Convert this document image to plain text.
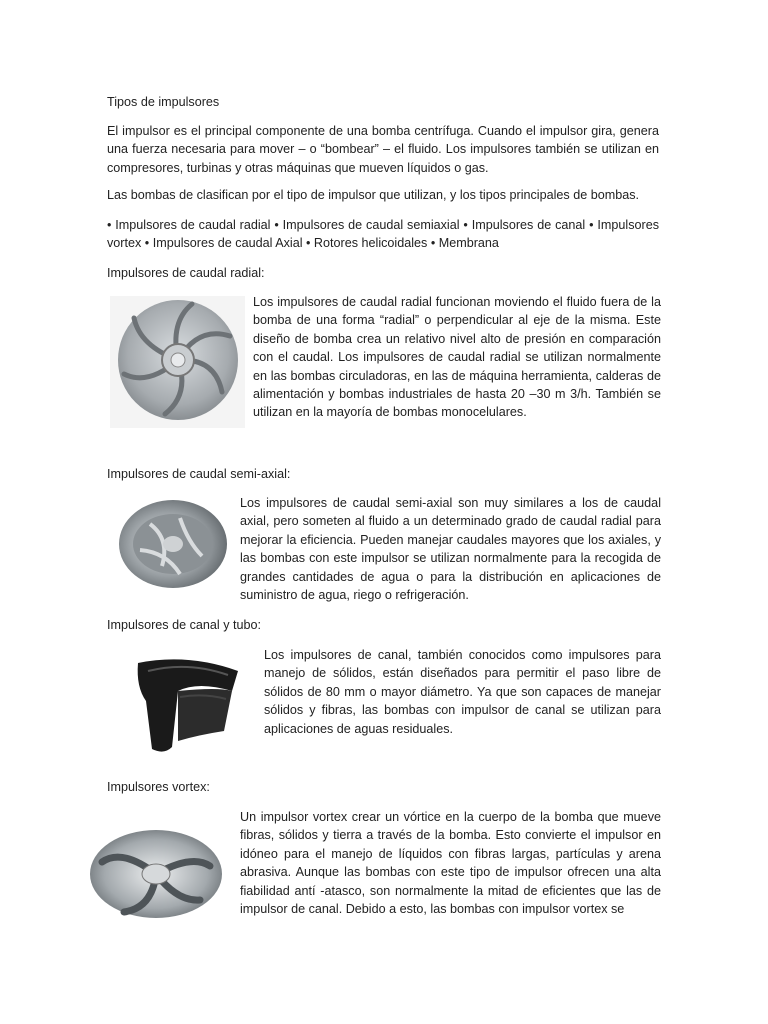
Tipos de impulsores

El impulsor es el principal componente de una bomba centrífuga. Cuando el impulsor gira, genera una fuerza necesaria para mover – o “bombear” – el fluido. Los impulsores también se utilizan en compresores, turbinas y otras máquinas que mueven líquidos o gas.

Las bombas de clasifican por el tipo de impulsor que utilizan, y los tipos principales de bombas.

• Impulsores de caudal radial • Impulsores de caudal semiaxial • Impulsores de canal • Impulsores vortex • Impulsores de caudal Axial • Rotores helicoidales • Membrana

Impulsores de caudal radial:

Los impulsores de caudal radial funcionan moviendo el fluido fuera de la bomba de una forma “radial” o perpendicular al eje de la misma. Este diseño de bomba crea un relativo nivel alto de presión en comparación con el caudal. Los impulsores de caudal radial se utilizan normalmente en las bombas circuladoras, en las de máquina herramienta, calderas de alimentación y bombas industriales de hasta 20 –30 m 3/h. También se utilizan en la mayoría de bombas monocelulares.

Impulsores de caudal semi-axial:

Los impulsores de caudal semi-axial son muy similares a los de caudal axial, pero someten al fluido a un determinado grado de caudal radial para mejorar la eficiencia. Pueden manejar caudales mayores que los axiales, y las bombas con este impulsor se utilizan normalmente para la recogida de grandes cantidades de agua o para la distribución en aplicaciones de suministro de agua, riego o refrigeración.

Impulsores de canal y tubo:

Los impulsores de canal, también conocidos como impulsores para manejo de sólidos, están diseñados para permitir el paso libre de sólidos de 80 mm o mayor diámetro. Ya que son capaces de manejar sólidos y fibras, las bombas con impulsor de canal se utilizan para aplicaciones de aguas residuales.

Impulsores vortex:

Un impulsor vortex crear un vórtice en la cuerpo de la bomba que mueve fibras, sólidos y tierra a través de la bomba. Esto convierte el impulsor en idóneo para el manejo de líquidos con fibras largas, partículas y arena abrasiva. Aunque las bombas con este tipo de impulsor ofrecen una alta fiabilidad antí -atasco, son normalmente la mitad de eficientes que las de impulsor de canal. Debido a esto, las bombas con impulsor vortex se
